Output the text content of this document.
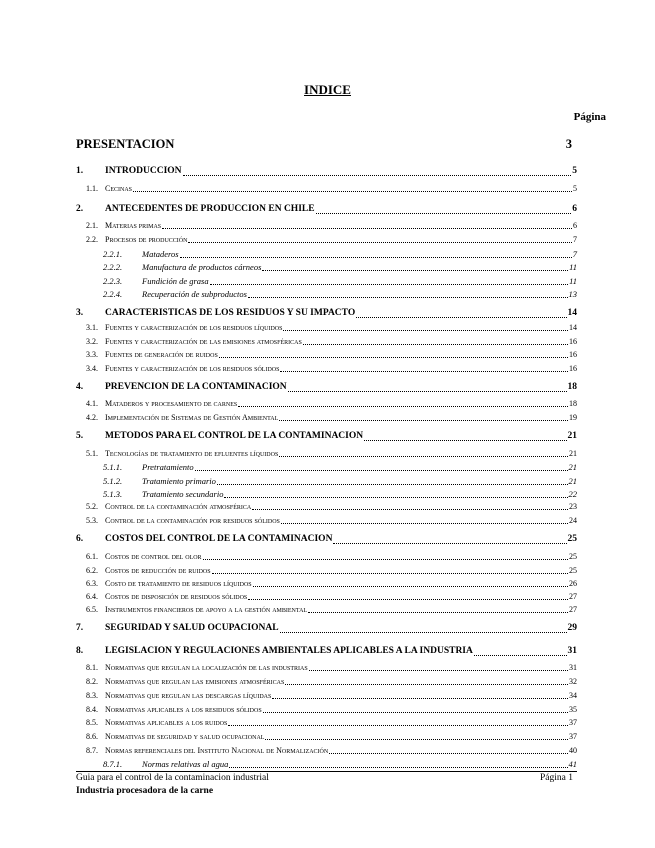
INDICE
Página
PRESENTACION	3
1.	INTRODUCCION	5
1.1. Cecinas	5
2.	ANTECEDENTES DE PRODUCCION EN CHILE	6
2.1. Materias primas	6
2.2. Procesos de producción	7
2.2.1.	Mataderos	7
2.2.2.	Manufactura de productos cárneos	11
2.2.3.	Fundición de grasa	11
2.2.4.	Recuperación de subproductos	13
3.	CARACTERISTICAS DE LOS RESIDUOS Y SU IMPACTO	14
3.1. Fuentes y caracterización de los residuos líquidos	14
3.2. Fuentes y caracterización de las emisiones atmosféricas	16
3.3. Fuentes de generación de ruidos	16
3.4. Fuentes y caracterización de los residuos sólidos	16
4.	PREVENCION DE LA CONTAMINACION	18
4.1. Mataderos y procesamiento de carnes	18
4.2. Implementación de Sistemas de Gestión Ambiental	19
5.	METODOS PARA EL CONTROL DE LA CONTAMINACION	21
5.1. Tecnologías de tratamiento de efluentes líquidos	21
5.1.1.	Pretratamiento	21
5.1.2.	Tratamiento primario	21
5.1.3.	Tratamiento secundario	22
5.2. Control de la contaminación atmosférica	23
5.3. Control de la contaminación por residuos sólidos	24
6.	COSTOS DEL CONTROL DE LA CONTAMINACION	25
6.1. Costos de control del olor	25
6.2. Costos de reducción de ruidos	25
6.3. Costo de tratamiento de residuos líquidos	26
6.4. Costos de disposición de residuos sólidos	27
6.5. Instrumentos financieros de apoyo a la gestión ambiental	27
7.	SEGURIDAD Y SALUD OCUPACIONAL	29
8.	LEGISLACION Y REGULACIONES AMBIENTALES APLICABLES A LA INDUSTRIA	31
8.1. Normativas que regulan la localización de las industrias	31
8.2. Normativas que regulan las emisiones atmosféricas	32
8.3. Normativas que regulan las descargas líquidas	34
8.4. Normativas aplicables a los residuos sólidos	35
8.5. Normativas aplicables a los ruidos	37
8.6. Normativas de seguridad y salud ocupacional	37
8.7. Normas referenciales del Instituto Nacional de Normalización	40
8.7.1.	Normas relativas al agua	41
Guia para el control de la contaminacion industrial	Página 1
Industria procesadora de la carne
